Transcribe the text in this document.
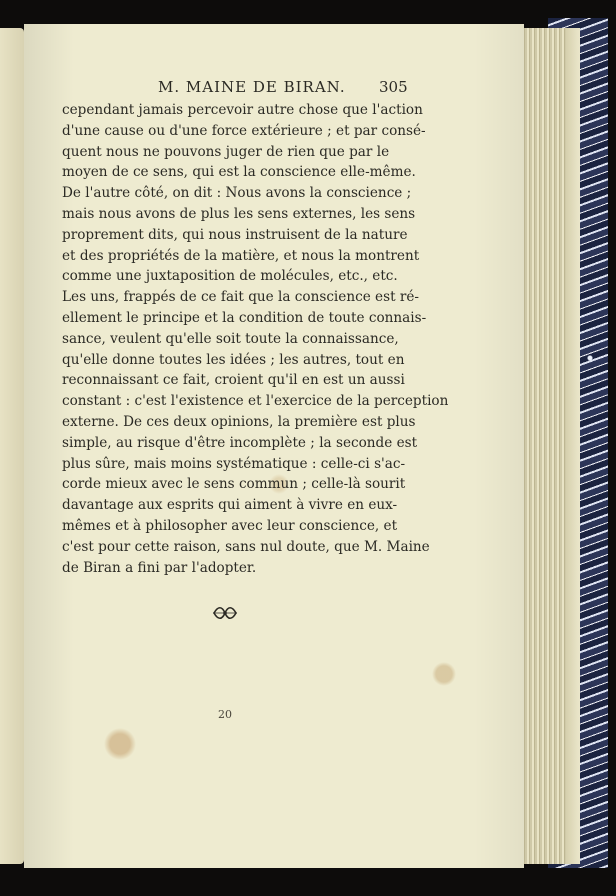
M. MAINE DE BIRAN. 305
cependant jamais percevoir autre chose que l'action
d'une cause ou d'une force extérieure ; et par consé-
quent nous ne pouvons juger de rien que par le
moyen de ce sens, qui est la conscience elle-même.
De l'autre côté, on dit : Nous avons la conscience ;
mais nous avons de plus les sens externes, les sens
proprement dits, qui nous instruisent de la nature
et des propriétés de la matière, et nous la montrent
comme une juxtaposition de molécules, etc., etc.
Les uns, frappés de ce fait que la conscience est ré-
ellement le principe et la condition de toute connais-
sance, veulent qu'elle soit toute la connaissance,
qu'elle donne toutes les idées ; les autres, tout en
reconnaissant ce fait, croient qu'il en est un aussi
constant : c'est l'existence et l'exercice de la perception
externe. De ces deux opinions, la première est plus
simple, au risque d'être incomplète ; la seconde est
plus sûre, mais moins systématique : celle-ci s'ac-
corde mieux avec le sens commun ; celle-là sourit
davantage aux esprits qui aiment à vivre en eux-
mêmes et à philosopher avec leur conscience, et
c'est pour cette raison, sans nul doute, que M. Maine
de Biran a fini par l'adopter.
20
